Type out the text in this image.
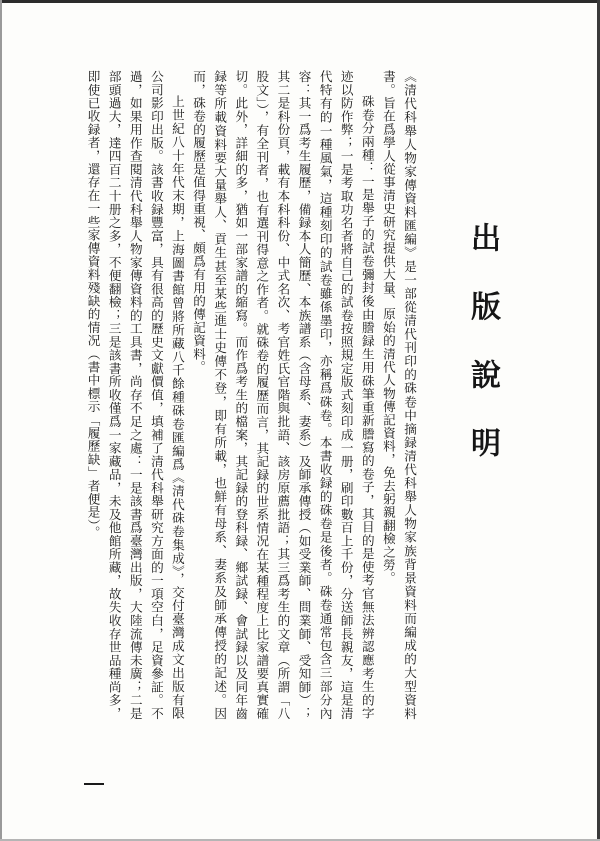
出 版 說 明

《清代科舉人物家傳資料匯編》是一部從清代刊印的硃卷中摘録清代科舉人物家族背景資料而編成的大型資料書。旨在爲學人從事清史研究提供大量、原始的清代人物傳記資料，免去躬親翻檢之勞。

硃卷分兩種：一是舉子的試卷彌封後由謄録生用硃筆重新謄寫的卷子，其目的是使考官無法辨認應考生的字迹以防作弊；一是考取功名者將自己的試卷按照規定版式刻印成一册，刷印數百上千份，分送師長親友，這是清代特有的一種風氣，這種刻印的試卷雖係墨印，亦稱爲硃卷。本書收録的硃卷是後者。硃卷通常包含三部分內容：其一爲考生履歷，備録本人簡歷、本族譜系（含母系、妻系）及師承傳授（如受業師、問業師、受知師）；其二是科份頁，載有本科科份、中式名次、考官姓氏官階與批語、該房原薦批語；其三爲考生的文章（所謂「八股文」），有全刊者，也有選刊得意之作者。就硃卷的履歷而言，其記録的世系情况在某種程度上比家譜要真實確切。此外，詳細的多，猶如一部家譜的縮寫。而作爲考生的檔案，其記録的登科録、鄉試録、會試録以及同年齒録等所載資料要大量舉人、貢生甚至某些進士史傳不登，即有所載，也鮮有母系、妻系及師承傳授的記述。因而，硃卷的履歷是值得重視、頗爲有用的傳記資料。

上世紀八十年代末期，上海圖書館曾將所藏八千餘種硃卷匯編爲《清代硃卷集成》，交付臺灣成文出版有限公司影印出版。該書收録豐富，具有很高的歷史文獻價值，填補了清代科舉研究方面的一項空白，足資參証。不過，如果用作查閱清代科舉人物家傳資料的工具書，尚存不足之處：一是該書爲臺灣出版，大陸流傳未廣；二是部頭過大，達四百二十册之多，不便翻檢；三是該書所收僅爲一家藏品，未及他館所藏，故失收存世品種尚多，即使已收録者，還存在一些家傳資料殘缺的情况（書中標示「履歷缺」者便是）。
